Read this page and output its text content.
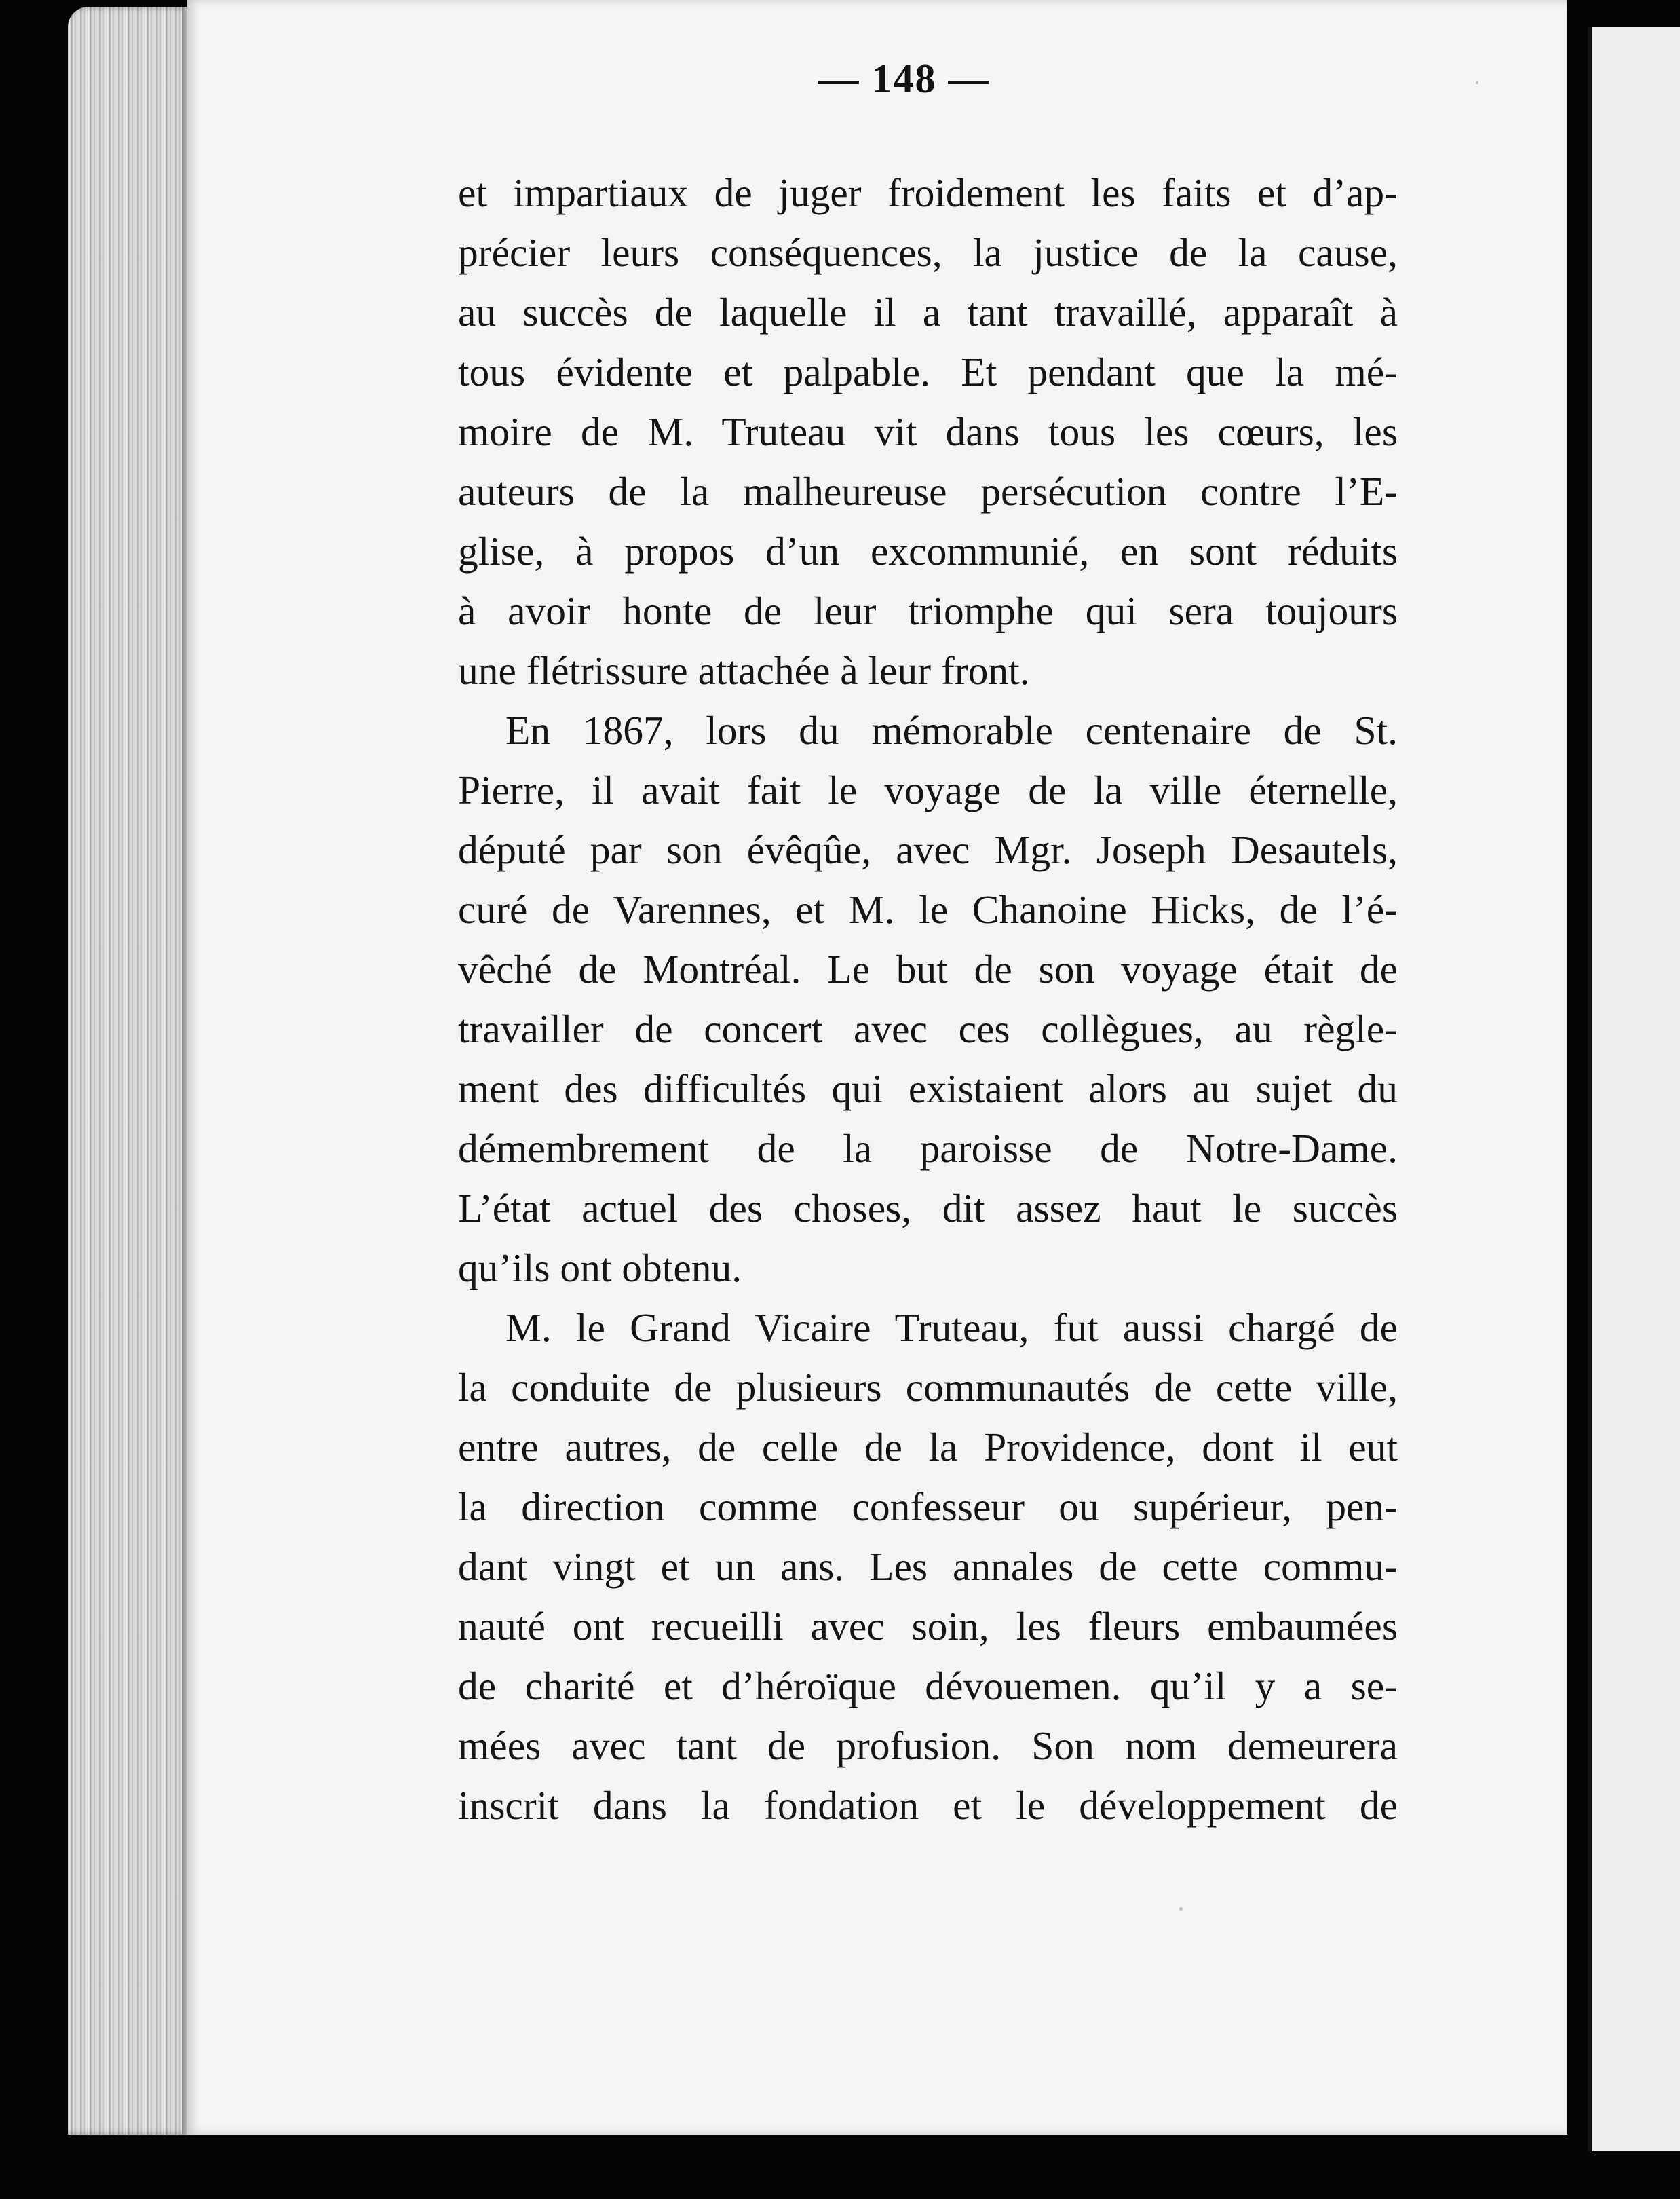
— 148 —

et impartiaux de juger froidement les faits et d’ap-
précier leurs conséquences, la justice de la cause,
au succès de laquelle il a tant travaillé, apparaît à
tous évidente et palpable. Et pendant que la mé-
moire de M. Truteau vit dans tous les cœurs, les
auteurs de la malheureuse persécution contre l’E-
glise, à propos d’un excommunié, en sont réduits
à avoir honte de leur triomphe qui sera toujours
une flétrissure attachée à leur front.

En 1867, lors du mémorable centenaire de St.
Pierre, il avait fait le voyage de la ville éternelle,
député par son évêqûe, avec Mgr. Joseph Desautels,
curé de Varennes, et M. le Chanoine Hicks, de l’é-
vêché de Montréal. Le but de son voyage était de
travailler de concert avec ces collègues, au règle-
ment des difficultés qui existaient alors au sujet du
démembrement de la paroisse de Notre-Dame.
L’état actuel des choses, dit assez haut le succès
qu’ils ont obtenu.

M. le Grand Vicaire Truteau, fut aussi chargé de
la conduite de plusieurs communautés de cette ville,
entre autres, de celle de la Providence, dont il eut
la direction comme confesseur ou supérieur, pen-
dant vingt et un ans. Les annales de cette commu-
nauté ont recueilli avec soin, les fleurs embaumées
de charité et d’héroïque dévouemen. qu’il y a se-
mées avec tant de profusion. Son nom demeurera
inscrit dans la fondation et le développement de
